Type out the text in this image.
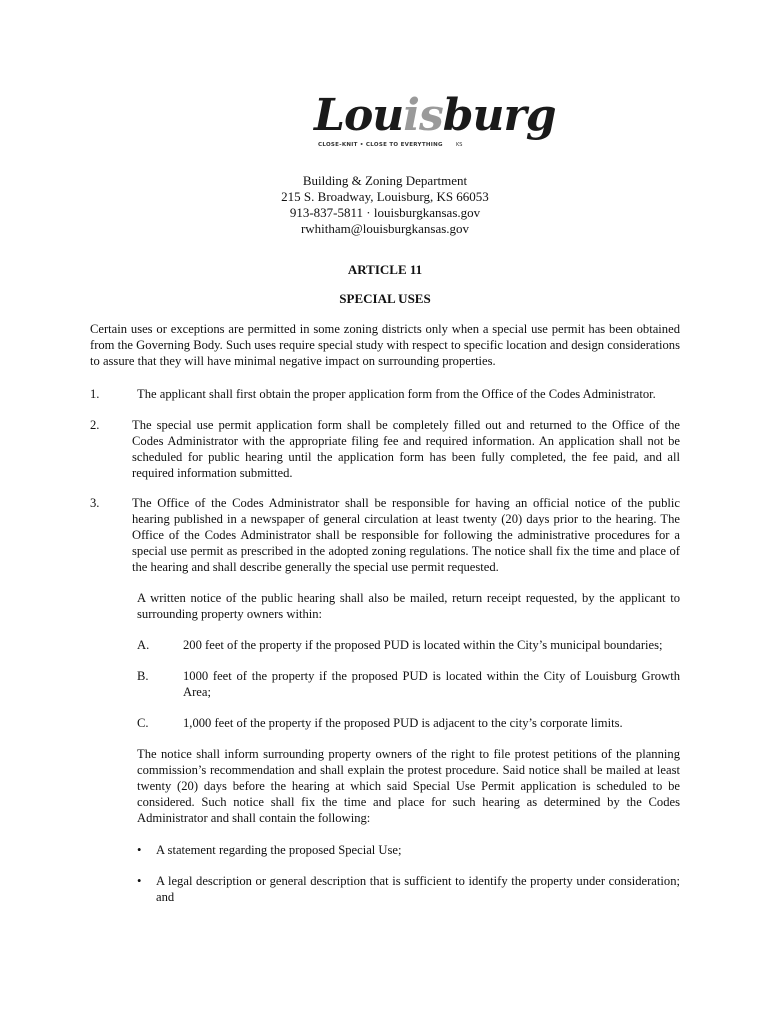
Louisburg
CLOSE-KNIT • CLOSE TO EVERYTHING	KS
Building & Zoning Department
215 S. Broadway, Louisburg, KS 66053
913-837-5811 · louisburgkansas.gov
rwhitham@louisburgkansas.gov
ARTICLE 11
SPECIAL USES

Certain uses or exceptions are permitted in some zoning districts only when a special use permit has been obtained from the Governing Body. Such uses require special study with respect to specific location and design considerations to assure that they will have minimal negative impact on surrounding properties.

1.	The applicant shall first obtain the proper application form from the Office of the Codes Administrator.

2.	The special use permit application form shall be completely filled out and returned to the Office of the Codes Administrator with the appropriate filing fee and required information. An application shall not be scheduled for public hearing until the application form has been fully completed, the fee paid, and all required information submitted.

3.	The Office of the Codes Administrator shall be responsible for having an official notice of the public hearing published in a newspaper of general circulation at least twenty (20) days prior to the hearing. The Office of the Codes Administrator shall be responsible for following the administrative procedures for a special use permit as prescribed in the adopted zoning regulations. The notice shall fix the time and place of the hearing and shall describe generally the special use permit requested.

A written notice of the public hearing shall also be mailed, return receipt requested, by the applicant to surrounding property owners within:

A.	200 feet of the property if the proposed PUD is located within the City’s municipal boundaries;

B.	1000 feet of the property if the proposed PUD is located within the City of Louisburg Growth Area;

C.	1,000 feet of the property if the proposed PUD is adjacent to the city’s corporate limits.

The notice shall inform surrounding property owners of the right to file protest petitions of the planning commission’s recommendation and shall explain the protest procedure. Said notice shall be mailed at least twenty (20) days before the hearing at which said Special Use Permit application is scheduled to be considered. Such notice shall fix the time and place for such hearing as determined by the Codes Administrator and shall contain the following:

• A statement regarding the proposed Special Use;

• A legal description or general description that is sufficient to identify the property under consideration; and
